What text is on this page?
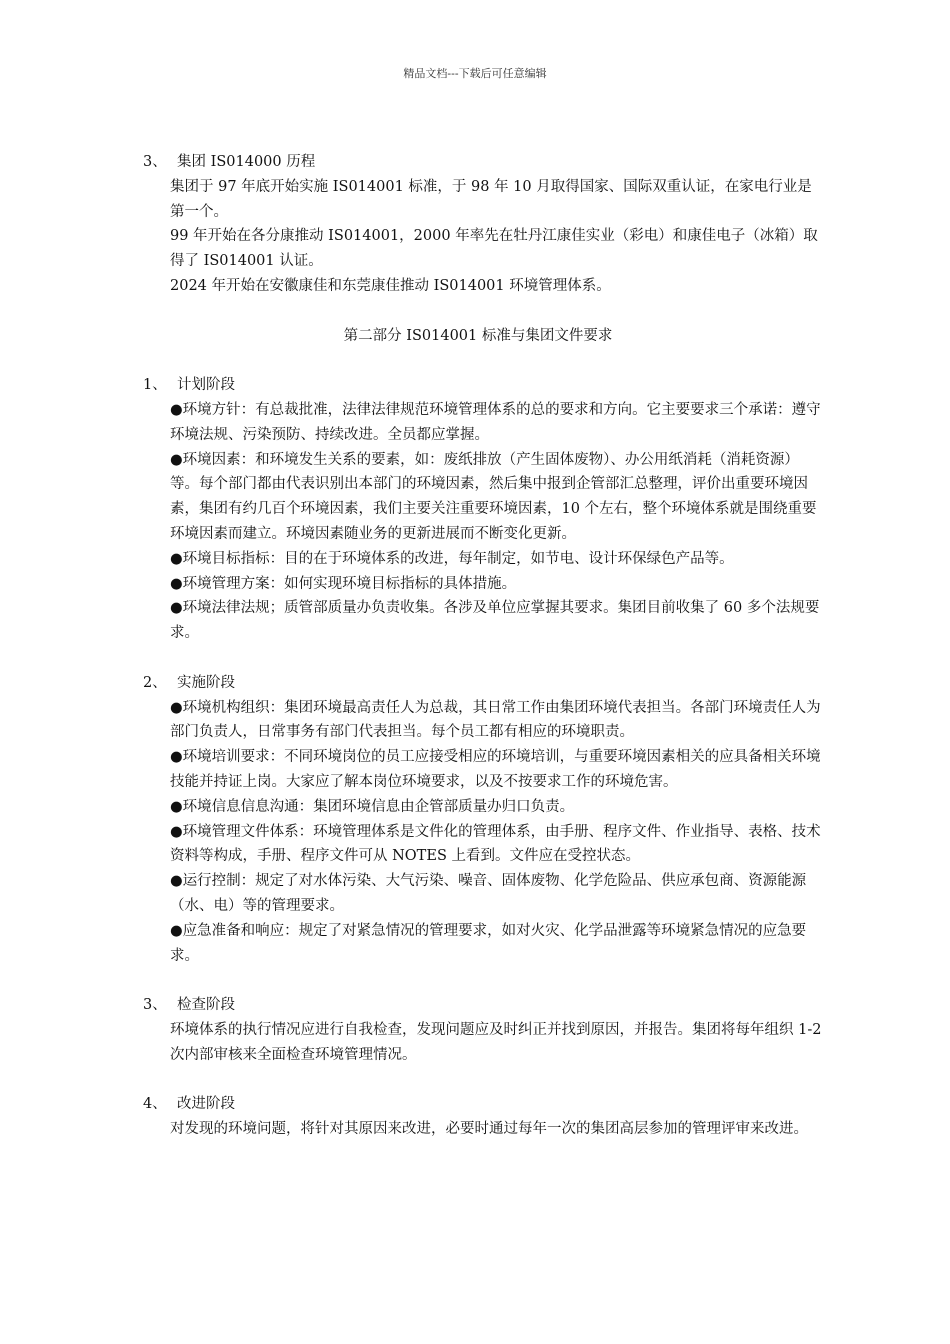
精品文档---下载后可任意编辑

3、 集团 IS014000 历程

集团于 97 年底开始实施 IS014001 标准，于 98 年 10 月取得国家、国际双重认证，在家电行业是第一个。

99 年开始在各分康推动 IS014001，2000 年率先在牡丹江康佳实业（彩电）和康佳电子（冰箱）取得了 IS014001 认证。

2024 年开始在安徽康佳和东莞康佳推动 IS014001 环境管理体系。

第二部分 IS014001 标准与集团文件要求

1、 计划阶段

●环境方针：有总裁批准，法律法律规范环境管理体系的总的要求和方向。它主要要求三个承诺：遵守环境法规、污染预防、持续改进。全员都应掌握。

●环境因素：和环境发生关系的要素，如：废纸排放（产生固体废物）、办公用纸消耗（消耗资源）等。每个部门都由代表识别出本部门的环境因素，然后集中报到企管部汇总整理，评价出重要环境因素，集团有约几百个环境因素，我们主要关注重要环境因素，10 个左右，整个环境体系就是围绕重要环境因素而建立。环境因素随业务的更新进展而不断变化更新。

●环境目标指标：目的在于环境体系的改进，每年制定，如节电、设计环保绿色产品等。

●环境管理方案：如何实现环境目标指标的具体措施。

●环境法律法规；质管部质量办负责收集。各涉及单位应掌握其要求。集团目前收集了 60 多个法规要求。

2、 实施阶段

●环境机构组织：集团环境最高责任人为总裁，其日常工作由集团环境代表担当。各部门环境责任人为部门负责人，日常事务有部门代表担当。每个员工都有相应的环境职责。

●环境培训要求：不同环境岗位的员工应接受相应的环境培训，与重要环境因素相关的应具备相关环境技能并持证上岗。大家应了解本岗位环境要求，以及不按要求工作的环境危害。

●环境信息信息沟通：集团环境信息由企管部质量办归口负责。

●环境管理文件体系：环境管理体系是文件化的管理体系，由手册、程序文件、作业指导、表格、技术资料等构成，手册、程序文件可从 NOTES 上看到。文件应在受控状态。

●运行控制：规定了对水体污染、大气污染、噪音、固体废物、化学危险品、供应承包商、资源能源（水、电）等的管理要求。

●应急准备和响应：规定了对紧急情况的管理要求，如对火灾、化学品泄露等环境紧急情况的应急要求。

3、 检查阶段

环境体系的执行情况应进行自我检查，发现问题应及时纠正并找到原因，并报告。集团将每年组织 1-2 次内部审核来全面检查环境管理情况。

4、 改进阶段

对发现的环境问题，将针对其原因来改进，必要时通过每年一次的集团高层参加的管理评审来改进。
